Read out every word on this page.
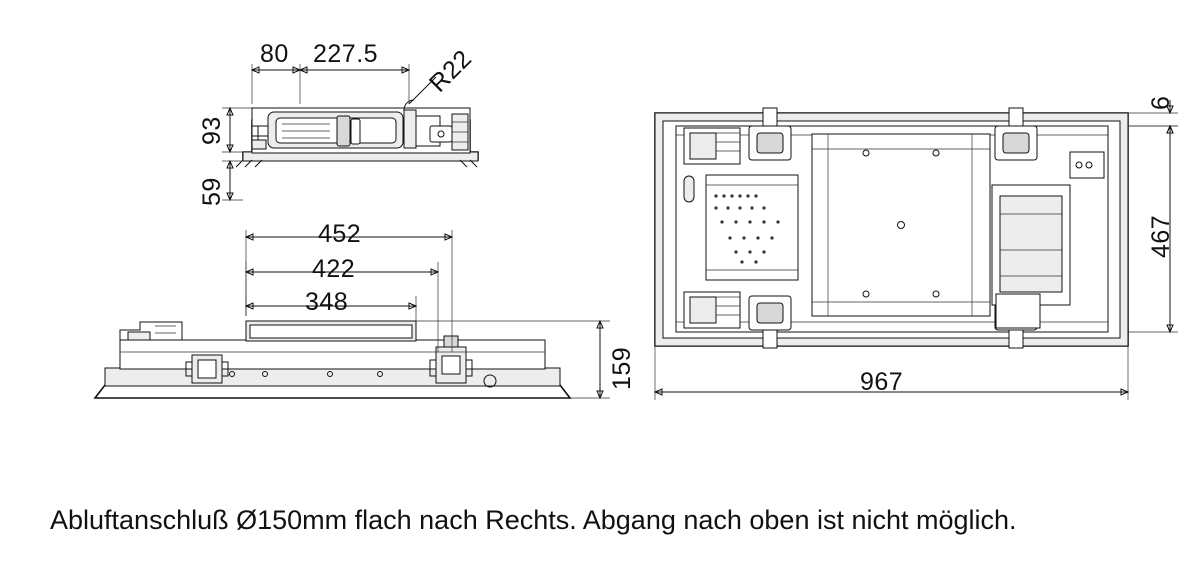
80 227.5 R22
93
59
452
422
348
159
6
467
967
Abluftanschluß Ø150mm flach nach Rechts. Abgang nach oben ist nicht möglich.
